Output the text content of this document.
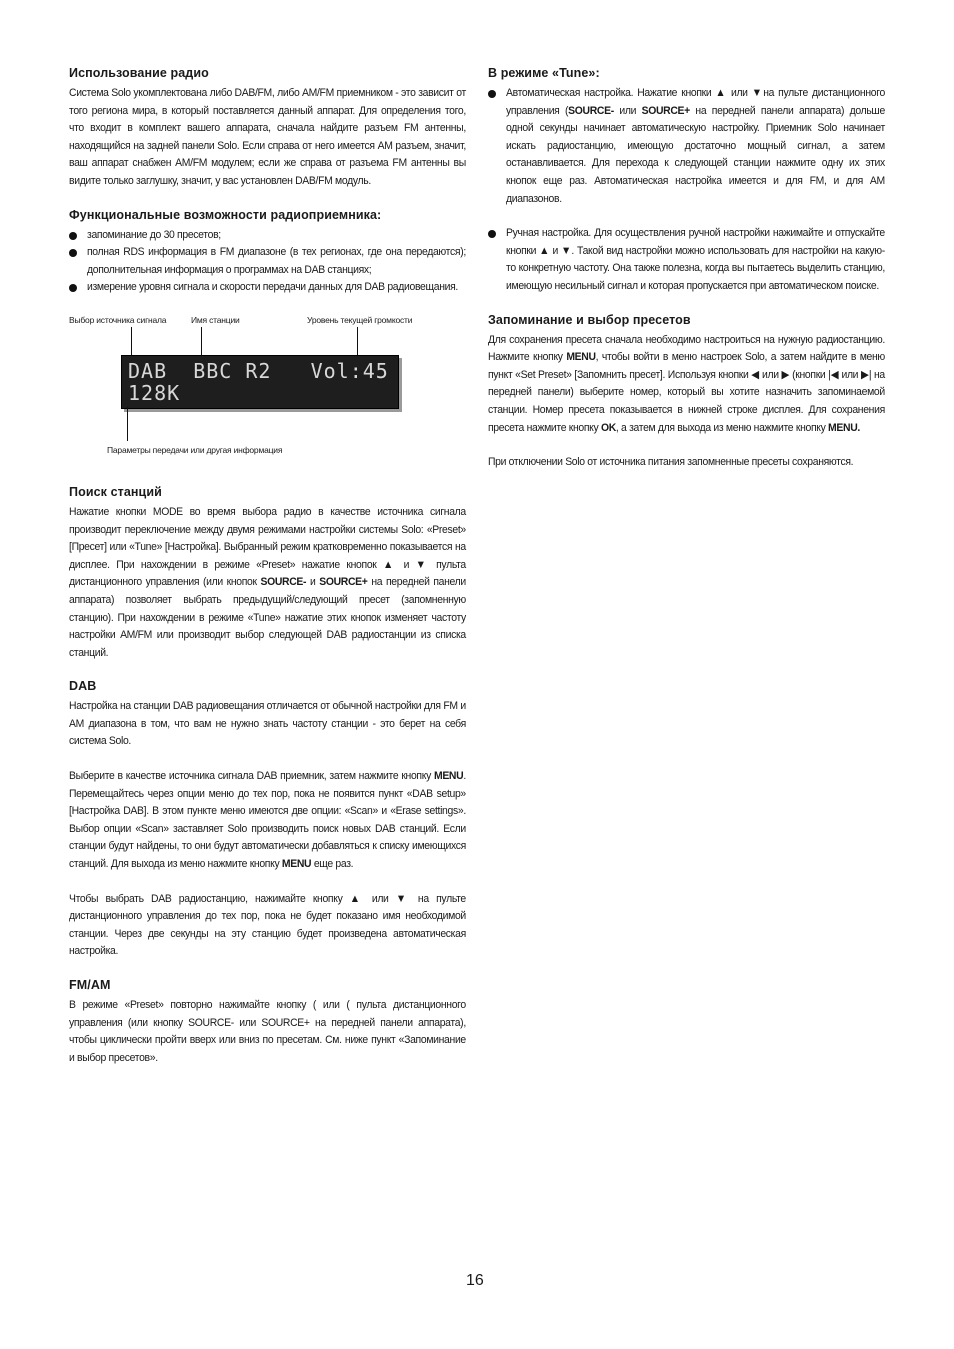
Использование радио

Система Solo укомплектована либо DAB/FM, либо AM/FM приемником - это зависит от того региона мира, в который поставляется данный аппарат. Для определения того, что входит в комплект вашего аппарата, сначала найдите разъем FM антенны, находящийся на задней панели Solo. Если справа от него имеется AM разъем, значит, ваш аппарат снабжен AM/FM модулем; если же справа от разъема FM антенны вы видите только заглушку, значит, у вас установлен DAB/FM модуль.

Функциональные возможности радиоприемника:
запоминание до 30 пресетов;
полная RDS информация в FM диапазоне (в тех регионах, где она передаются); дополнительная информация о программах на DAB станциях;
измерение уровня сигнала и скорости передачи данных для DAB радиовещания.
Выбор источника сигнала	Имя станции	Уровень текущей громкости
DAB  BBC R2   Vol:45
128K
Параметры передачи или другая информация
Поиск станций

Нажатие кнопки MODE во время выбора радио в качестве источника сигнала производит переключение между двумя режимами настройки системы Solo: «Preset» [Пресет] или «Tune» [Настройка]. Выбранный режим кратковременно показывается на дисплее. При нахождении в режиме «Preset» нажатие кнопок ▲ и ▼ пульта дистанционного управления (или кнопок SOURCE- и SOURCE+ на передней панели аппарата) позволяет выбрать предыдущий/следующий пресет (запомненную станцию). При нахождении в режиме «Tune» нажатие этих кнопок изменяет частоту настройки AM/FM или производит выбор следующей DAB радиостанции из списка станций.

DAB

Настройка на станции DAB радиовещания отличается от обычной настройки для FM и AM диапазона в том, что вам не нужно знать частоту станции - это берет на себя система Solo.

Выберите в качестве источника сигнала DAB приемник, затем нажмите кнопку MENU. Перемещайтесь через опции меню до тех пор, пока не появится пункт «DAB setup» [Настройка DAB]. В этом пункте меню имеются две опции: «Scan» и «Erase settings». Выбор опции «Scan» заставляет Solo производить поиск новых DAB станций. Если станции будут найдены, то они будут автоматически добавляться к списку имеющихся станций. Для выхода из меню нажмите кнопку MENU еще раз.

Чтобы выбрать DAB радиостанцию, нажимайте кнопку ▲ или ▼ на пульте дистанционного управления до тех пор, пока не будет показано имя необходимой станции. Через две секунды на эту станцию будет произведена автоматическая настройка.

FM/AM

В режиме «Preset» повторно нажимайте кнопку ( или ( пульта дистанционного управления (или кнопку SOURCE- или SOURCE+ на передней панели аппарата), чтобы циклически пройти вверх или вниз по пресетам. См. ниже пункт «Запоминание и выбор пресетов».

В режиме «Tune»:
Автоматическая настройка. Нажатие кнопки ▲ или ▼на пульте дистанционного управления (SOURCE- или SOURCE+ на передней панели аппарата) дольше одной секунды начинает автоматическую настройку. Приемник Solo начинает искать радиостанцию, имеющую достаточно мощный сигнал, а затем останавливается. Для перехода к следующей станции нажмите одну их этих кнопок еще раз. Автоматическая настройка имеется и для FM, и для AM диапазонов.
Ручная настройка. Для осуществления ручной настройки нажимайте и отпускайте кнопки ▲ и ▼. Такой вид настройки можно использовать для настройки на какую-то конкретную частоту. Она также полезна, когда вы пытаетесь выделить станцию, имеющую несильный сигнал и которая пропускается при автоматическом поиске.
Запоминание и выбор пресетов

Для сохранения пресета сначала необходимо настроиться на нужную радиостанцию. Нажмите кнопку MENU, чтобы войти в меню настроек Solo, а затем найдите в меню пункт «Set Preset» [Запомнить пресет]. Используя кнопки ◀ или ▶ (кнопки |◀ или ▶| на передней панели) выберите номер, который вы хотите назначить запоминаемой станции. Номер пресета показывается в нижней строке дисплея. Для сохранения пресета нажмите кнопку OK, а затем для выхода из меню нажмите кнопку MENU.

При отключении Solo от источника питания запомненные пресеты сохраняются.

16
